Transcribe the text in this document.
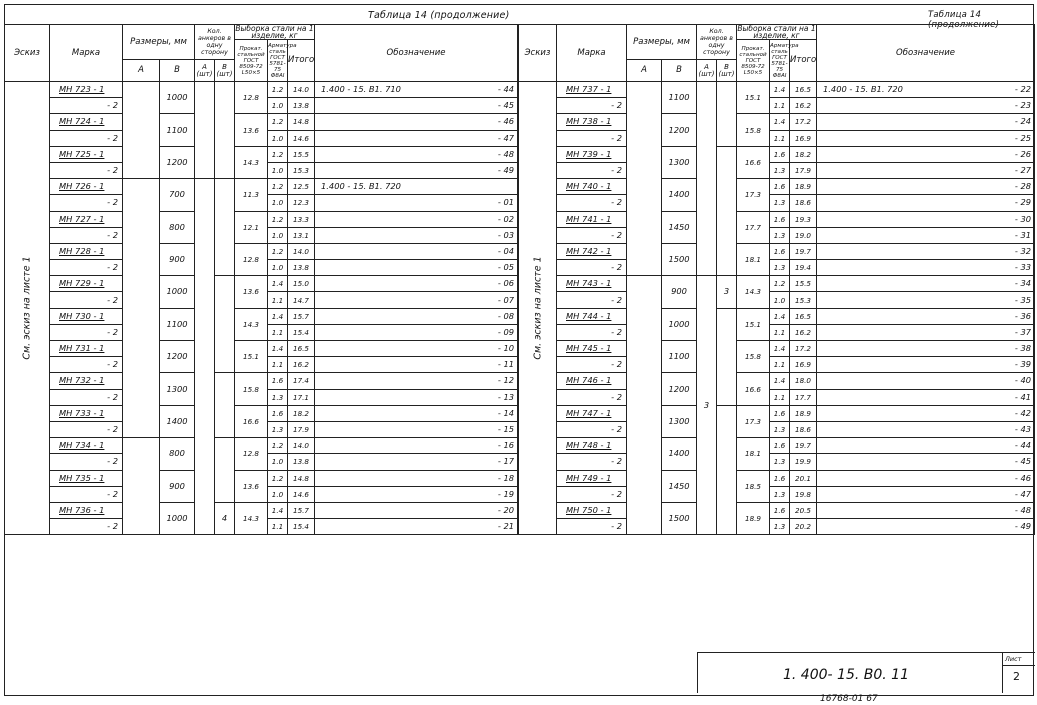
Таблица 14 (продолжение)	Таблица 14 (продолжение)
Эскиз	Марка	Размеры, мм		Кол. анкеров в одну сторону		Выборка стали на 1 изделие, кг			Обозначение
						Прокат. стальной ГОСТ 8509-72 L50×5	Арматура сталь ГОСТ 5781-75 Ф8АI	Итого	
		А	В	А (шт)	В (шт)				

См. эскиз на листе 1	МН 723 - 1		1000			12.8	1.2	14.0	1.400 - 15. В1. 710 - 44
	- 2						1.0	13.8	- 45
	МН 724 - 1		1100			13.6	1.2	14.8	- 46
	- 2						1.0	14.6	- 47
	МН 725 - 1		1200			14.3	1.2	15.5	- 48
	- 2						1.0	15.3	- 49
	МН 726 - 1		700			11.3	1.2	12.5	1.400 - 15. В1. 720

	- 2						1.0	12.3	- 01
	МН 727 - 1		800			12.1	1.2	13.3	- 02
	- 2						1.0	13.1	- 03
	МН 728 - 1		900			12.8	1.2	14.0	- 04
	- 2						1.0	13.8	- 05
	МН 729 - 1		1000			13.6	1.4	15.0	- 06
	- 2						1.1	14.7	- 07
	МН 730 - 1		1100			14.3	1.4	15.7	- 08
	- 2						1.1	15.4	- 09
	МН 731 - 1		1200			15.1	1.4	16.5	- 10
	- 2						1.1	16.2	- 11
	МН 732 - 1		1300			15.8	1.6	17.4	- 12
	- 2						1.3	17.1	- 13
	МН 733 - 1		1400			16.6	1.6	18.2	- 14
	- 2						1.3	17.9	- 15
	МН 734 - 1		800			12.8	1.2	14.0	- 16
	- 2						1.0	13.8	- 17
	МН 735 - 1		900			13.6	1.2	14.8	- 18
	- 2						1.0	14.6	- 19
	МН 736 - 1		1000		4	14.3	1.4	15.7	- 20
	- 2						1.1	15.4	- 21
Эскиз	Марка	Размеры, мм		Кол. анкеров в одну сторону		Выборка стали на 1 изделие, кг			Обозначение
						Прокат. стальной ГОСТ 8509-72 L50×5	Арматура сталь ГОСТ 5781-75 Ф8АI	Итого	
		А	В	А (шт)	В (шт)				

См. эскиз на листе 1	МН 737 - 1		1100			15.1	1.4	16.5	1.400 - 15. В1. 720 - 22
	- 2						1.1	16.2	- 23
	МН 738 - 1		1200			15.8	1.4	17.2	- 24
	- 2						1.1	16.9	- 25
	МН 739 - 1		1300			16.6	1.6	18.2	- 26
	- 2						1.3	17.9	- 27
	МН 740 - 1		1400			17.3	1.6	18.9	- 28
	- 2						1.3	18.6	- 29
	МН 741 - 1		1450			17.7	1.6	19.3	- 30
	- 2						1.3	19.0	- 31
	МН 742 - 1		1500			18.1	1.6	19.7	- 32
	- 2						1.3	19.4	- 33
	МН 743 - 1		900	3	3	14.3	1.2	15.5	- 34
	- 2						1.0	15.3	- 35
	МН 744 - 1		1000			15.1	1.4	16.5	- 36
	- 2						1.1	16.2	- 37
	МН 745 - 1		1100			15.8	1.4	17.2	- 38
	- 2						1.1	16.9	- 39
	МН 746 - 1		1200			16.6	1.4	18.0	- 40
	- 2						1.1	17.7	- 41
	МН 747 - 1		1300			17.3	1.6	18.9	- 42
	- 2						1.3	18.6	- 43
	МН 748 - 1		1400			18.1	1.6	19.7	- 44
	- 2						1.3	19.9	- 45
	МН 749 - 1		1450			18.5	1.6	20.1	- 46
	- 2						1.3	19.8	- 47
	МН 750 - 1		1500			18.9	1.6	20.5	- 48
	- 2						1.3	20.2	- 49
1. 400- 15. В0. 11
Лист
2
16768-01 67
